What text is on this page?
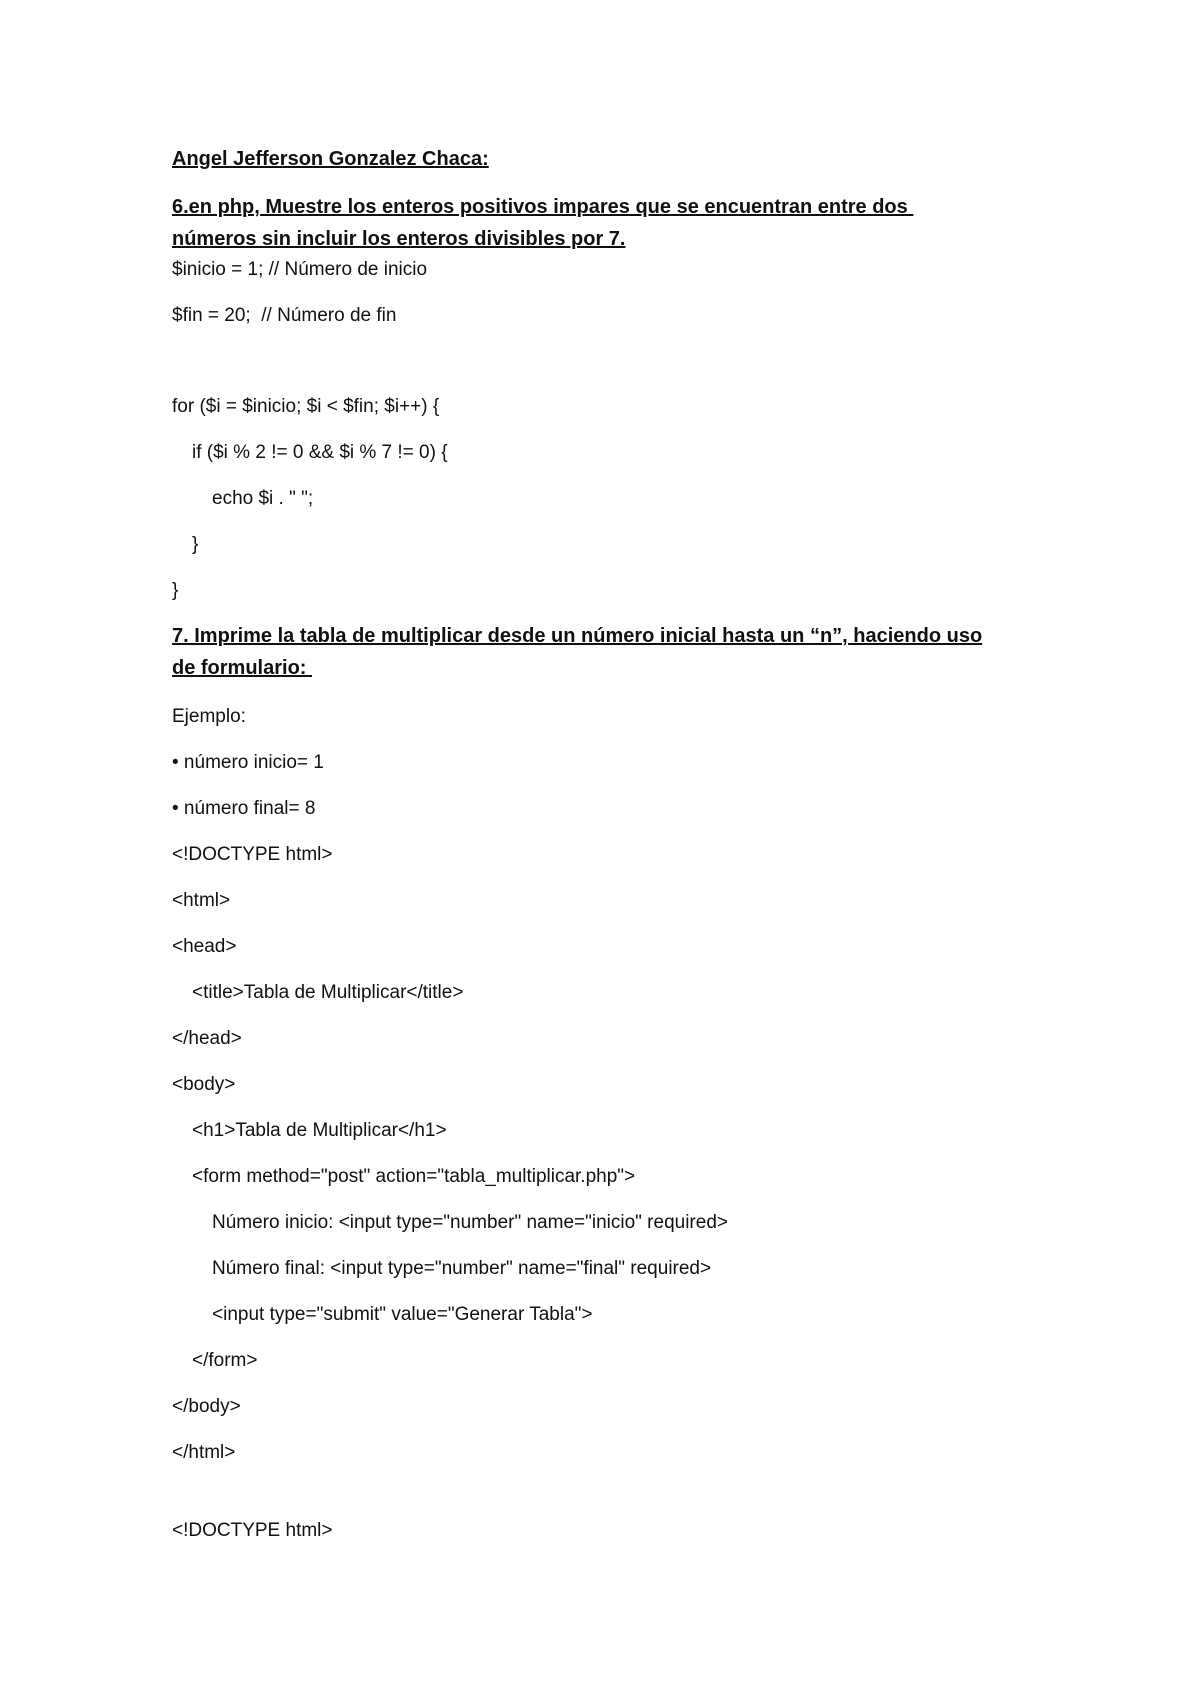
Angel Jefferson Gonzalez Chaca:
6.en php, Muestre los enteros positivos impares que se encuentran entre dos
números sin incluir los enteros divisibles por 7.
$inicio = 1; // Número de inicio
$fin = 20;  // Número de fin
for ($i = $inicio; $i < $fin; $i++) {
if ($i % 2 != 0 && $i % 7 != 0) {
echo $i . " ";
}
}
7. Imprime la tabla de multiplicar desde un número inicial hasta un “n”, haciendo uso
de formulario:
Ejemplo:
• número inicio= 1
• número final= 8
<!DOCTYPE html>
<html>
<head>
<title>Tabla de Multiplicar</title>
</head>
<body>
<h1>Tabla de Multiplicar</h1>
<form method="post" action="tabla_multiplicar.php">
Número inicio: <input type="number" name="inicio" required>
Número final: <input type="number" name="final" required>
<input type="submit" value="Generar Tabla">
</form>
</body>
</html>
<!DOCTYPE html>
